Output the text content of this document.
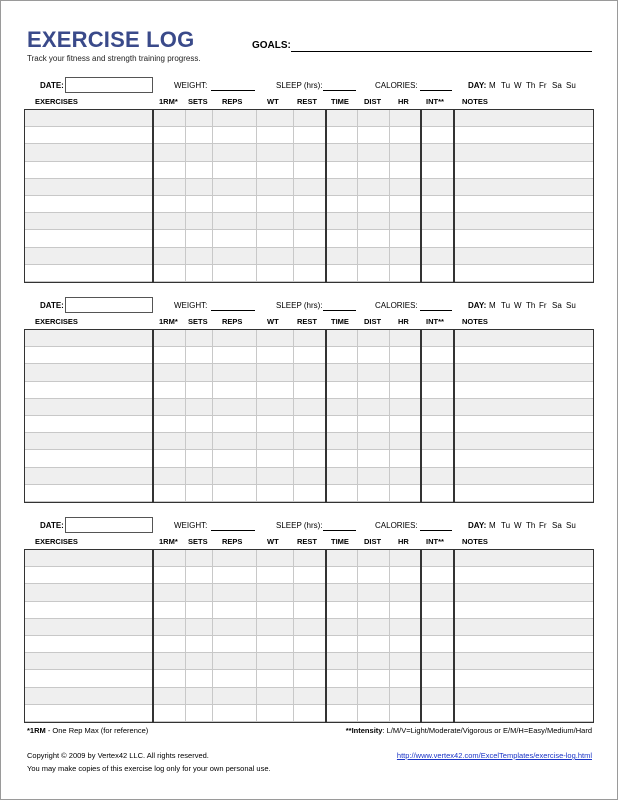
EXERCISE LOG
Track your fitness and strength training progress.
GOALS:
DATE:	WEIGHT:	SLEEP (hrs):	CALORIES:	DAY: M Tu W Th Fr Sa Su
EXERCISES	1RM* SETS REPS	WT REST TIME DIST HR INT** NOTES
DATE:	WEIGHT:	SLEEP (hrs):	CALORIES:	DAY: M Tu W Th Fr Sa Su
EXERCISES	1RM* SETS REPS	WT REST TIME DIST HR INT** NOTES
DATE:	WEIGHT:	SLEEP (hrs):	CALORIES:	DAY: M Tu W Th Fr Sa Su
EXERCISES	1RM* SETS REPS	WT REST TIME DIST HR INT** NOTES
*1RM - One Rep Max (for reference)	**Intensity: L/M/V=Light/Moderate/Vigorous or E/M/H=Easy/Medium/Hard
Copyright © 2009 by Vertex42 LLC. All rights reserved.
You may make copies of this exercise log only for your own personal use.
http://www.vertex42.com/ExcelTemplates/exercise-log.html
